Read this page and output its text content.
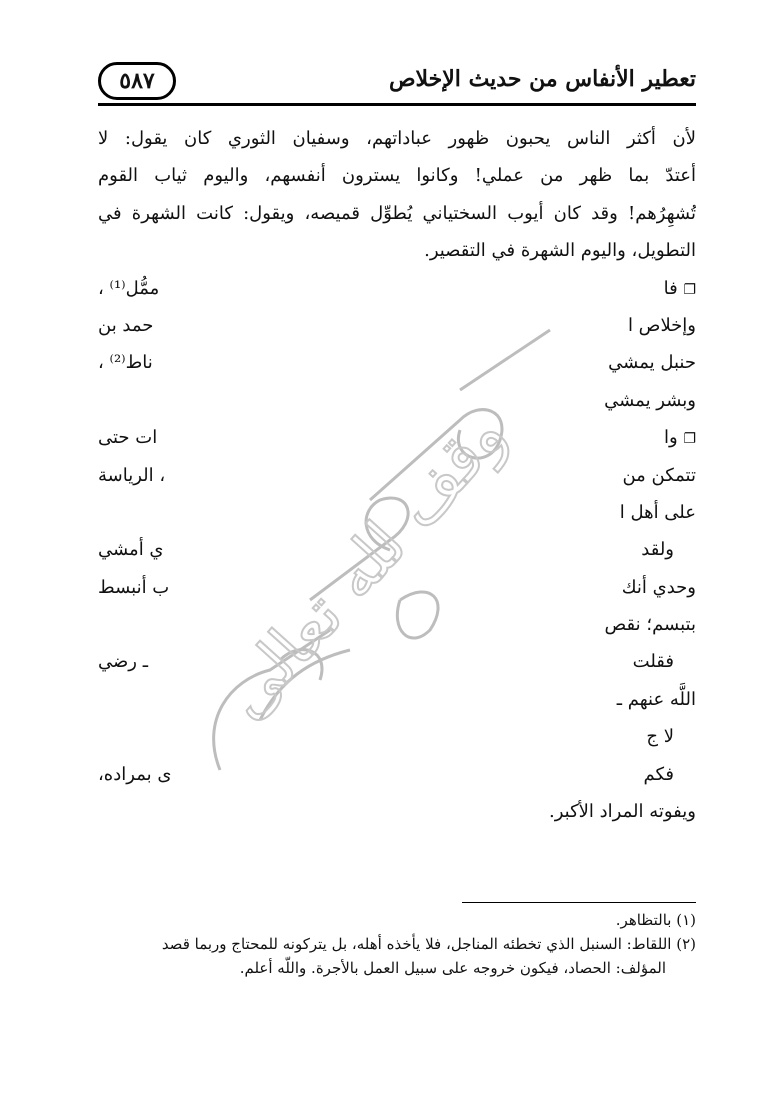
تعطير الأنفاس من حديث الإخلاص
٥٨٧
لأن أكثر الناس يحبون ظهور عباداتهم، وسفيان الثوري كان يقول: لا
أعتدّ بما ظهر من عملي! وكانوا يسترون أنفسهم، واليوم ثياب القوم
تُشهِرُهم! وقد كان أيوب السختياني يُطوِّل قميصه، ويقول: كانت الشهرة في
التطويل، واليوم الشهرة في التقصير.
❐ فا
ممُّل⁽¹⁾ ،
وإخلاص ا
حمد بن
حنبل يمشي
ناط⁽²⁾ ،
وبشر يمشي
❐ وا
ات حتى
تتمكن من
، الرياسة
على أهل ا
ولقد
ي أمشي
وحدي أنك
ب أنبسط
بتبسم؛ نقص
فقلت
ـ رضي
اللَّه عنهم ـ
لا ج
فكم
ى بمراده،
ويفوته المراد الأكبر.
(١) بالتظاهر.
(٢) اللقاط: السنبل الذي تخطئه المناجل، فلا يأخذه أهله، بل يتركونه للمحتاج وربما قصد
المؤلف: الحصاد، فيكون خروجه على سبيل العمل بالأجرة. واللَّه أعلم.
وقف لله تعالى
